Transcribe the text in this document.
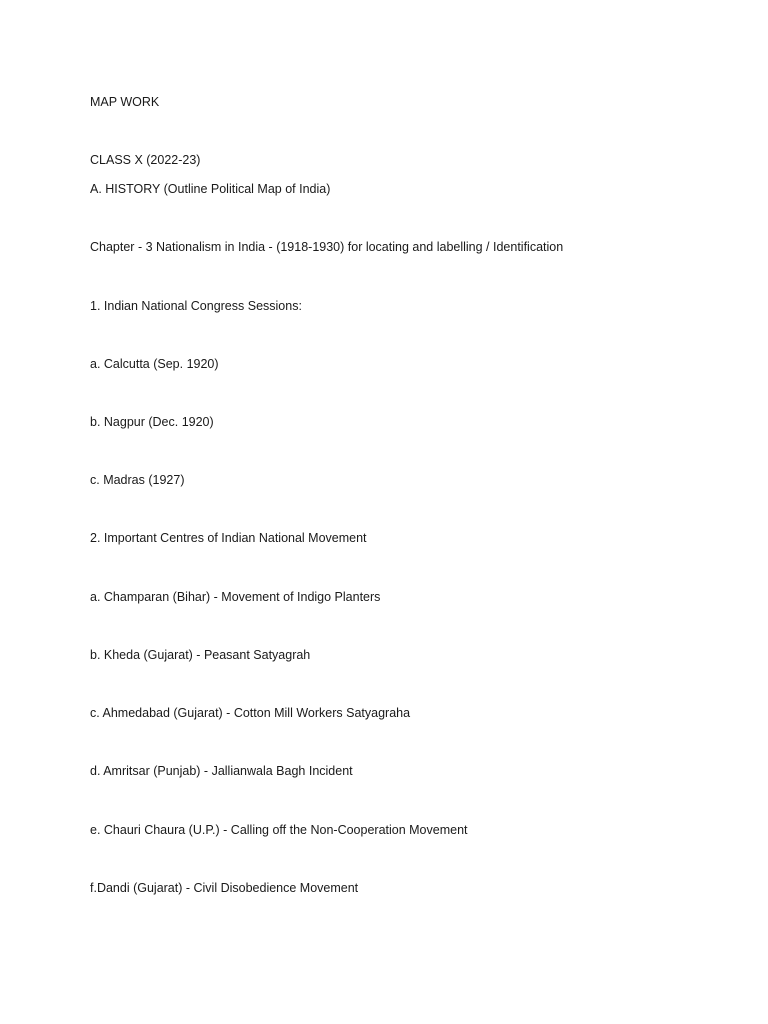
MAP WORK
CLASS X (2022-23)
A. HISTORY (Outline Political Map of India)
Chapter - 3 Nationalism in India - (1918-1930) for locating and labelling / Identification
1. Indian National Congress Sessions:
a. Calcutta (Sep. 1920)
b. Nagpur (Dec. 1920)
c. Madras (1927)
2. Important Centres of Indian National Movement
a. Champaran (Bihar) - Movement of Indigo Planters
b. Kheda (Gujarat) - Peasant Satyagrah
c. Ahmedabad (Gujarat) - Cotton Mill Workers Satyagraha
d. Amritsar (Punjab) - Jallianwala Bagh Incident
e. Chauri Chaura (U.P.) - Calling off the Non-Cooperation Movement
f.Dandi (Gujarat) - Civil Disobedience Movement
